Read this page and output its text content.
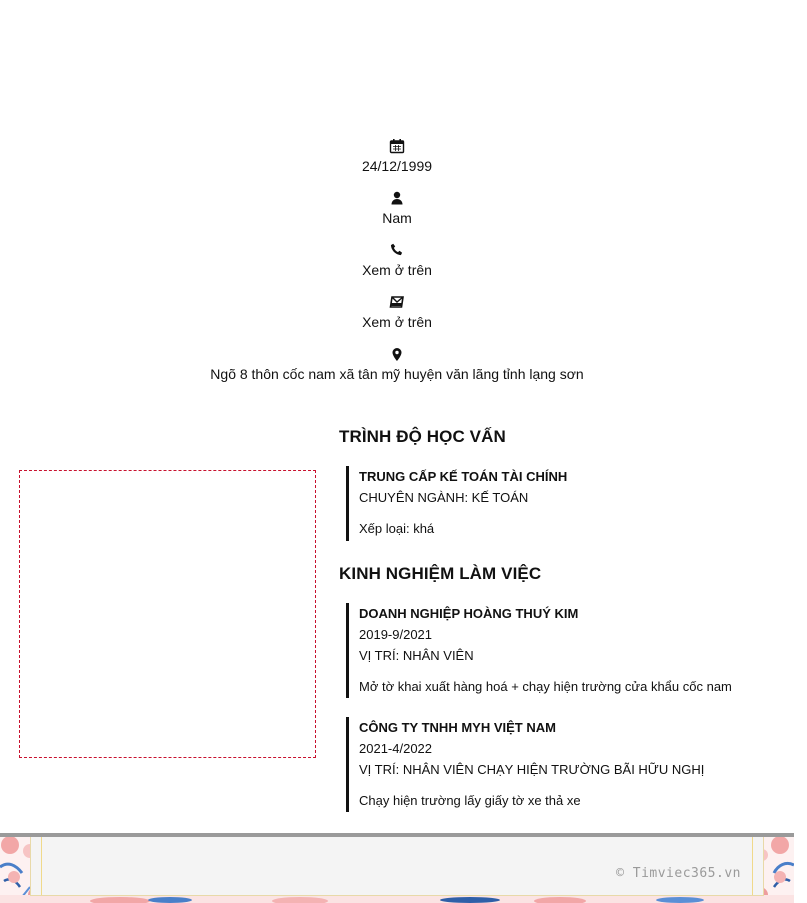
24/12/1999
Nam
Xem ở trên
Xem ở trên
Ngõ 8 thôn cốc nam xã tân mỹ huyện văn lãng tỉnh lạng sơn
TRÌNH ĐỘ HỌC VẤN
TRUNG CẤP KẾ TOÁN TÀI CHÍNH
CHUYÊN NGÀNH: KẾ TOÁN
Xếp loại: khá
KINH NGHIỆM LÀM VIỆC
DOANH NGHIỆP HOÀNG THUÝ KIM
2019-9/2021
VỊ TRÍ: NHÂN VIÊN
Mở tờ khai xuất hàng hoá + chạy hiện trường cửa khẩu cốc nam
CÔNG TY TNHH MYH VIỆT NAM
2021-4/2022
VỊ TRÍ: NHÂN VIÊN CHẠY HIỆN TRƯỜNG BÃI HỮU NGHỊ
Chạy hiện trường lấy giấy tờ xe thả xe
© Timviec365.vn
